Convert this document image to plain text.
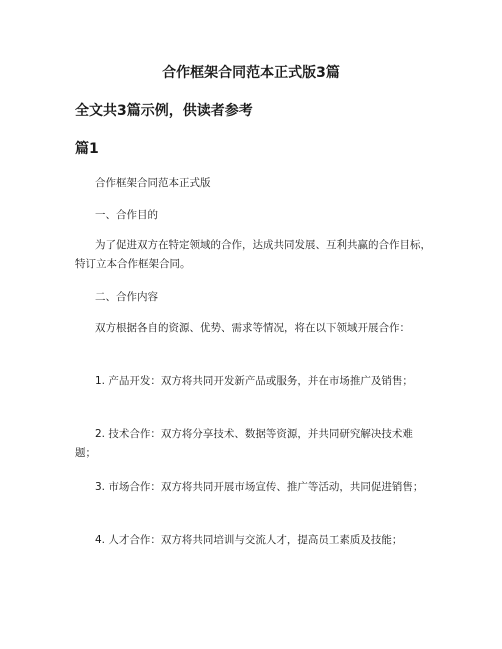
合作框架合同范本正式版3篇
全文共3篇示例，供读者参考
篇1

合作框架合同范本正式版

一、合作目的

为了促进双方在特定领域的合作，达成共同发展、互利共赢的合作目标，特订立本合作框架合同。

二、合作内容

双方根据各自的资源、优势、需求等情况，将在以下领域开展合作：

1. 产品开发：双方将共同开发新产品或服务，并在市场推广及销售；

2. 技术合作：双方将分享技术、数据等资源，并共同研究解决技术难题；

3. 市场合作：双方将共同开展市场宣传、推广等活动，共同促进销售；

4. 人才合作：双方将共同培训与交流人才，提高员工素质及技能；
